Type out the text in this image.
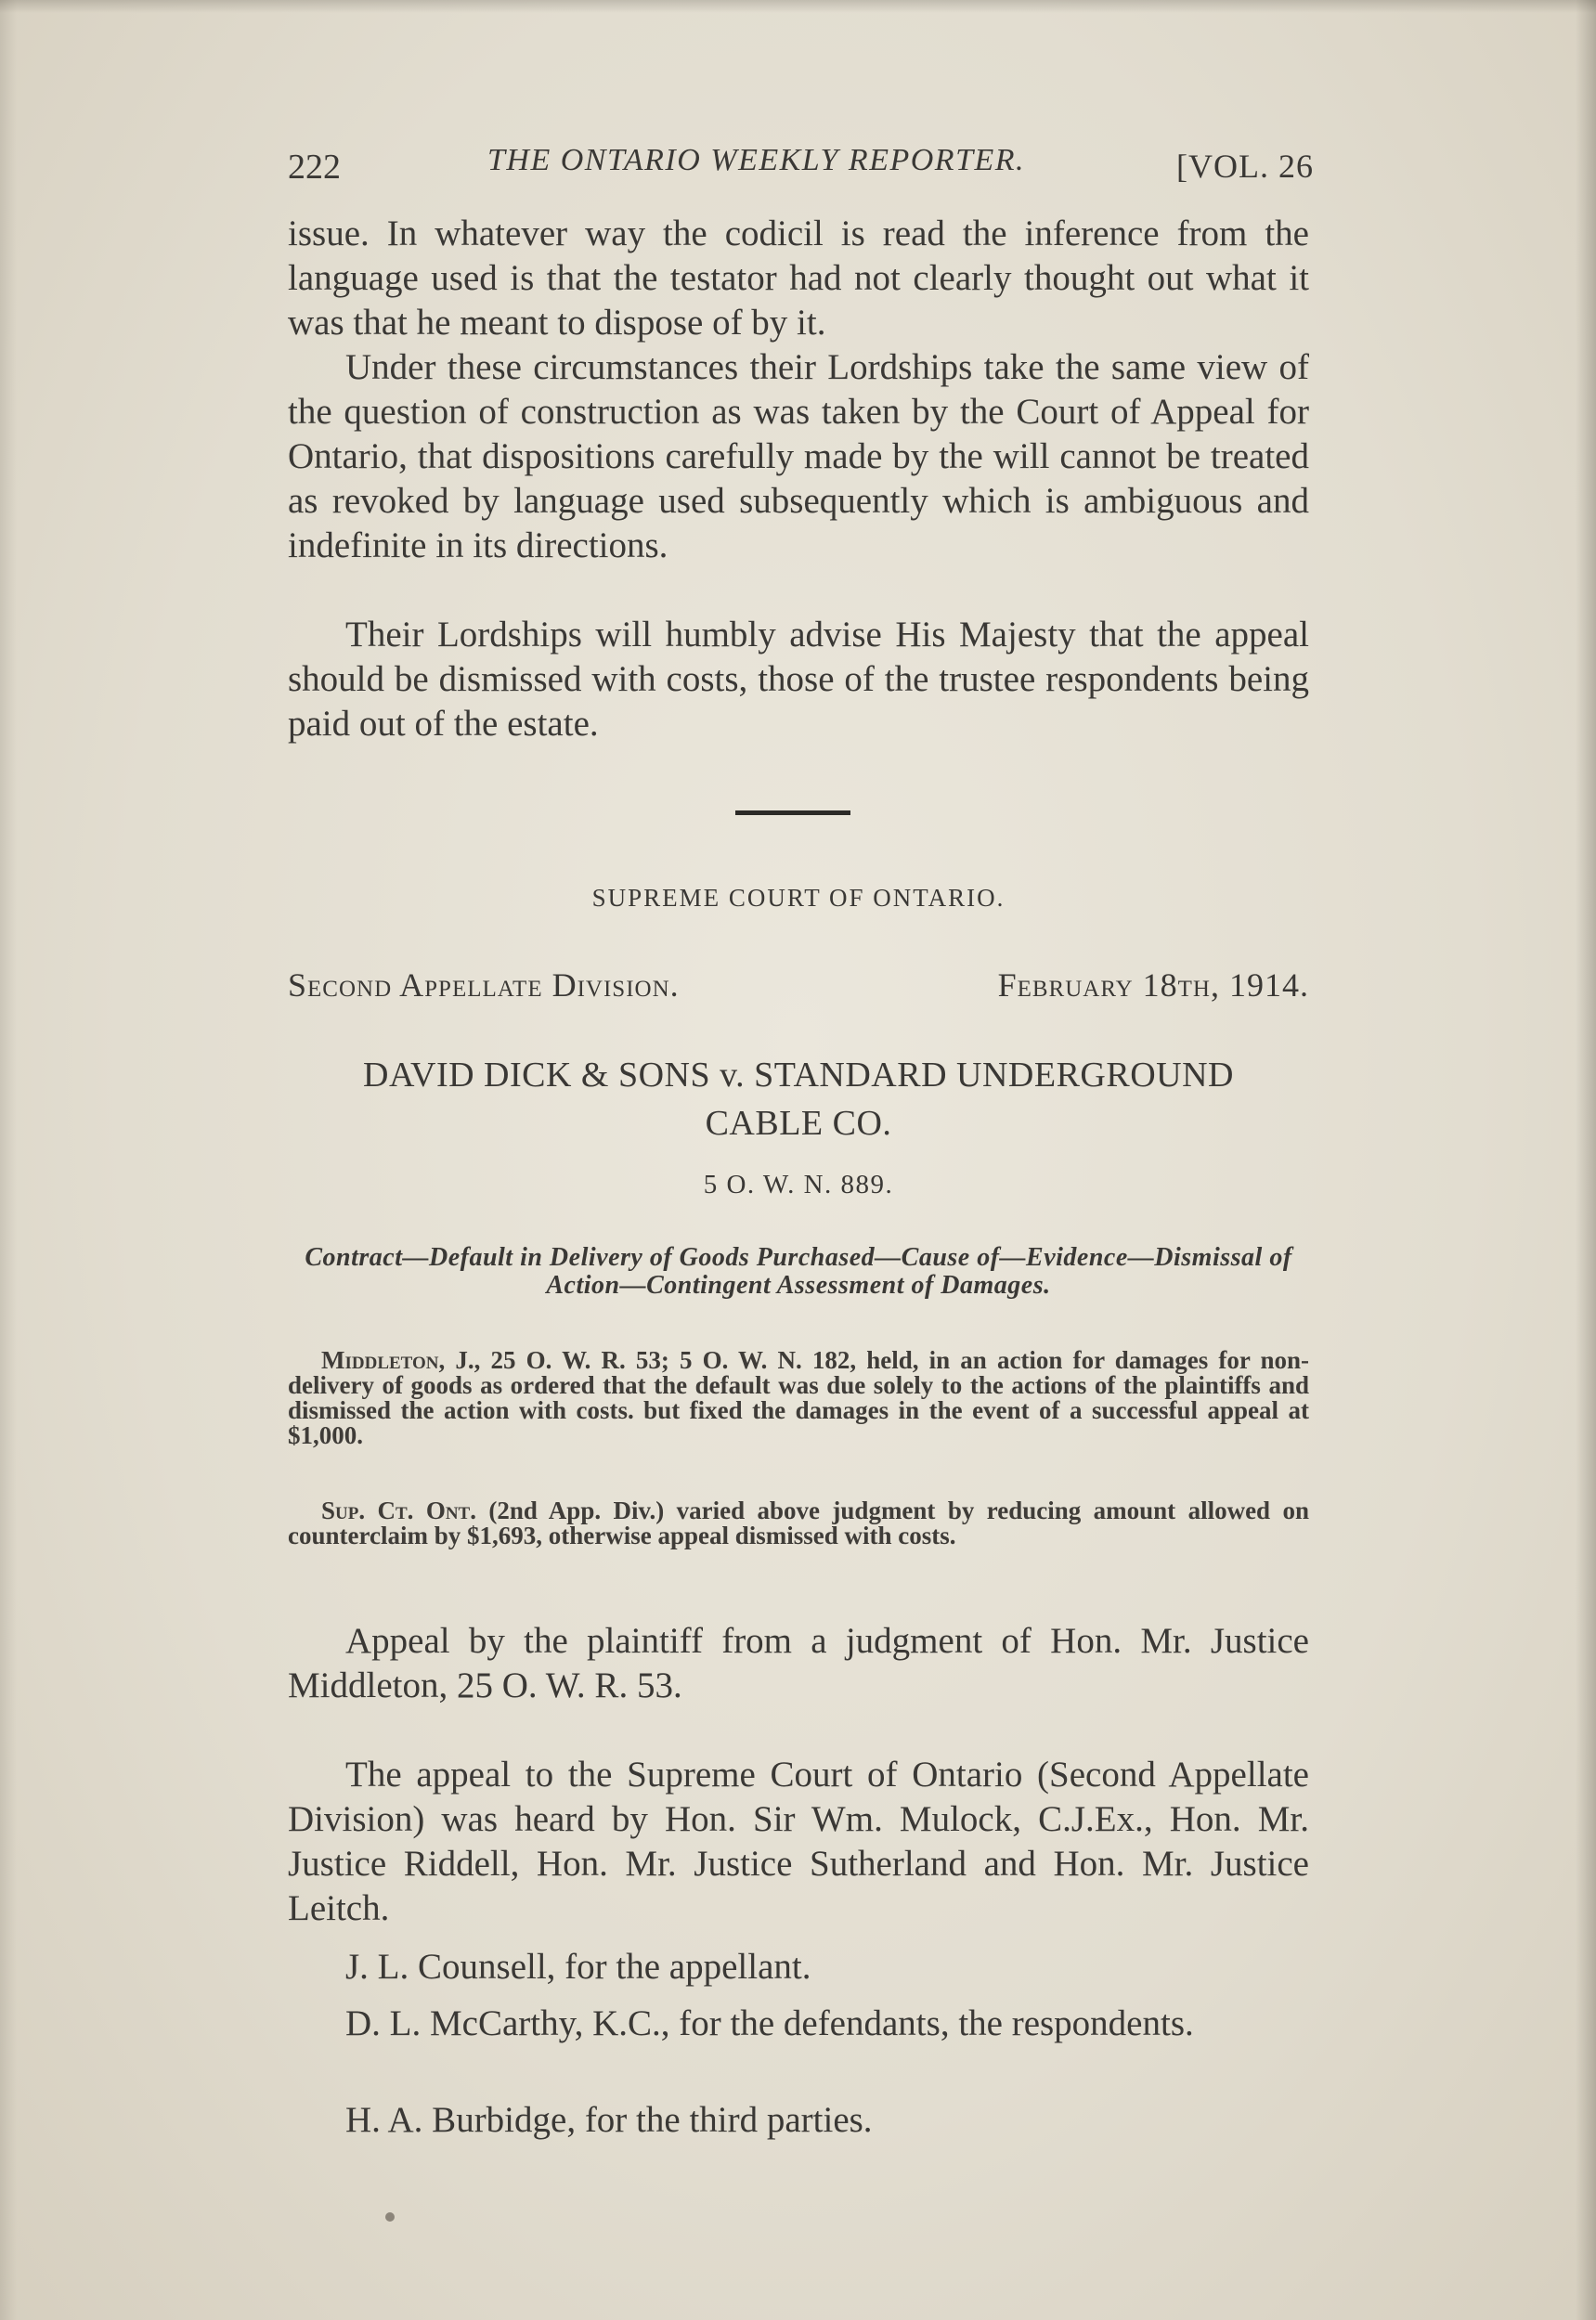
222	THE ONTARIO WEEKLY REPORTER.	[VOL. 26

issue. In whatever way the codicil is read the inference from the language used is that the testator had not clearly thought out what it was that he meant to dispose of by it.

Under these circumstances their Lordships take the same view of the question of construction as was taken by the Court of Appeal for Ontario, that dispositions carefully made by the will cannot be treated as revoked by language used subsequently which is ambiguous and indefinite in its directions.

Their Lordships will humbly advise His Majesty that the appeal should be dismissed with costs, those of the trustee respondents being paid out of the estate.

SUPREME COURT OF ONTARIO.
Second Appellate Division.	February 18th, 1914.
DAVID DICK & SONS v. STANDARD UNDERGROUND
CABLE CO.
5 O. W. N. 889.
Contract—Default in Delivery of Goods Purchased—Cause of—Evidence—Dismissal of Action—Contingent Assessment of Damages.

Middleton, J., 25 O. W. R. 53; 5 O. W. N. 182, held, in an action for damages for non-delivery of goods as ordered that the default was due solely to the actions of the plaintiffs and dismissed the action with costs. but fixed the damages in the event of a successful appeal at $1,000.

Sup. Ct. Ont. (2nd App. Div.) varied above judgment by reducing amount allowed on counterclaim by $1,693, otherwise appeal dismissed with costs.

Appeal by the plaintiff from a judgment of Hon. Mr. Justice Middleton, 25 O. W. R. 53.

The appeal to the Supreme Court of Ontario (Second Appellate Division) was heard by Hon. Sir Wm. Mulock, C.J.Ex., Hon. Mr. Justice Riddell, Hon. Mr. Justice Sutherland and Hon. Mr. Justice Leitch.

J. L. Counsell, for the appellant.

D. L. McCarthy, K.C., for the defendants, the respondents.

H. A. Burbidge, for the third parties.
